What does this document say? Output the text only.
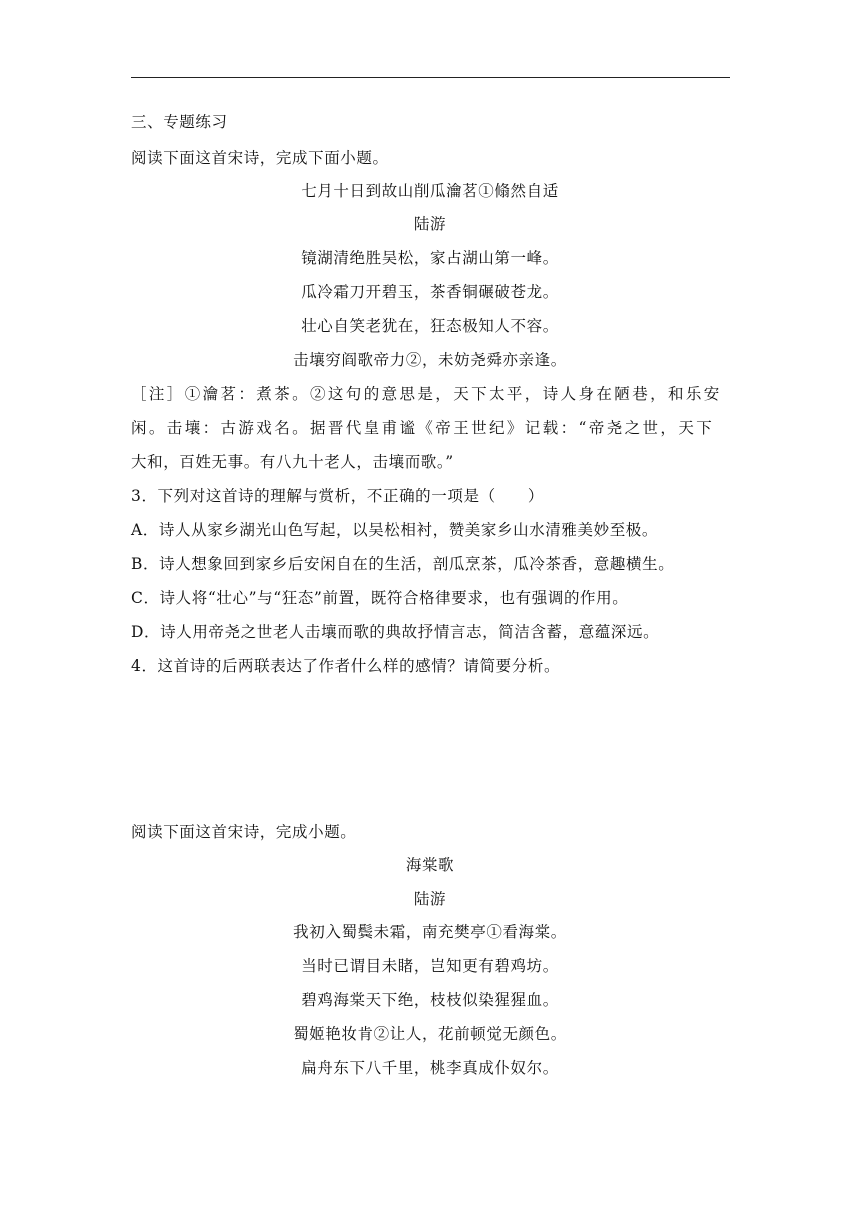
三、专题练习
阅读下面这首宋诗，完成下面小题。
七月十日到故山削瓜瀹茗①翛然自适
陆游
镜湖清绝胜吴松，家占湖山第一峰。
瓜冷霜刀开碧玉，茶香铜碾破苍龙。
壮心自笑老犹在，狂态极知人不容。
击壤穷阎歌帝力②，未妨尧舜亦亲逢。
［注］①瀹茗：煮茶。②这句的意思是，天下太平，诗人身在陋巷，和乐安
闲。击壤：古游戏名。据晋代皇甫谧《帝王世纪》记载：“帝尧之世，天下
大和，百姓无事。有八九十老人，击壤而歌。”
3．下列对这首诗的理解与赏析，不正确的一项是（　　）
A．诗人从家乡湖光山色写起，以吴松相衬，赞美家乡山水清雅美妙至极。
B．诗人想象回到家乡后安闲自在的生活，剖瓜烹茶，瓜冷茶香，意趣横生。
C．诗人将“壮心”与“狂态”前置，既符合格律要求，也有强调的作用。
D．诗人用帝尧之世老人击壤而歌的典故抒情言志，简洁含蓄，意蕴深远。
4．这首诗的后两联表达了作者什么样的感情？请简要分析。
阅读下面这首宋诗，完成小题。
海棠歌
陆游
我初入蜀鬓未霜，南充樊亭①看海棠。
当时已谓目未睹，岂知更有碧鸡坊。
碧鸡海棠天下绝，枝枝似染猩猩血。
蜀姬艳妆肯②让人，花前顿觉无颜色。
扁舟东下八千里，桃李真成仆奴尔。
